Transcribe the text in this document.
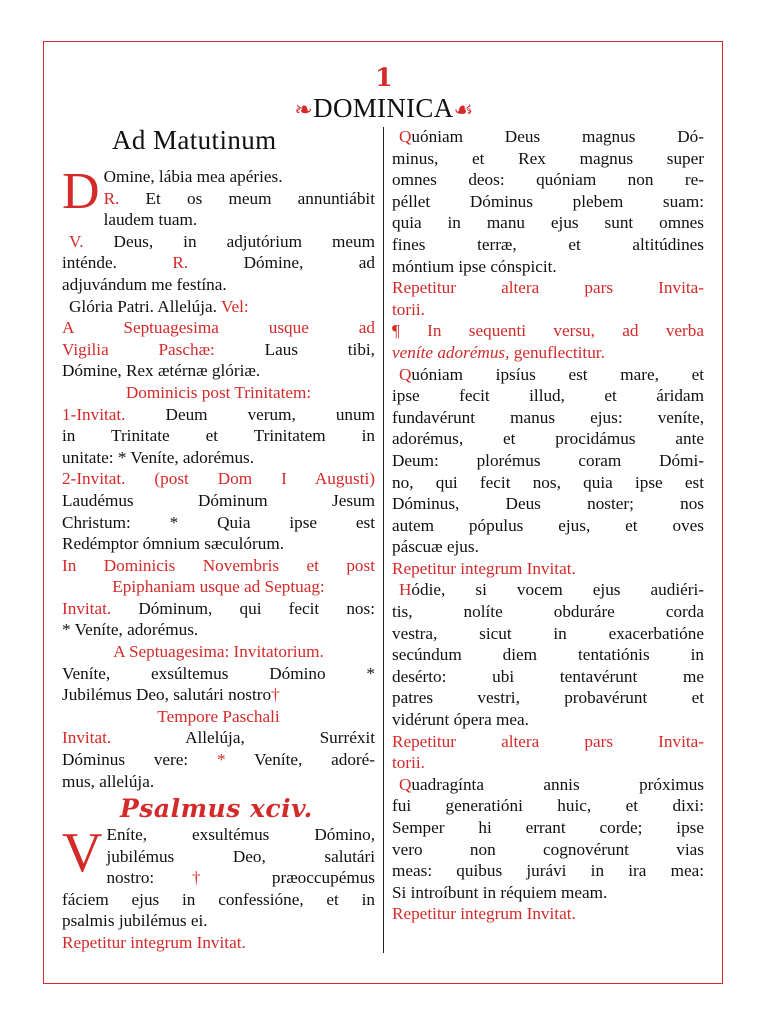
1
❧DOMINICA☙
Ad Matutinum
D Omine, lábia mea apéries.

R. Et os meum annuntiábit

laudem tuam.

V. Deus, in adjutórium meum

inténde.	R. Dómine, ad

adjuvándum me festína.

Glória Patri. Allelúja. Vel:

A Septuagesima usque ad

Vigilia Paschæ: Laus tibi,

Dómine, Rex ætérnæ glóriæ.

Dominicis post Trinitatem:

1-Invitat. Deum verum, unum

in Trinitate et Trinitatem in

unitate: * Veníte, adorémus.

2-Invitat. (post Dom I Augusti)

Laudémus Dóminum Jesum

Christum: * Quia ipse est

Redémptor ómnium sæculórum.

In Dominicis Novembris et post

Epiphaniam usque ad Septuag:

Invitat. Dóminum, qui fecit nos:

* Veníte, adorémus.

A Septuagesima: Invitatorium.

Veníte, exsúltemus Dómino *

Jubilémus Deo, salutári nostro†

Tempore Paschali

Invitat. Allelúja, Surréxit

Dóminus vere: * Veníte, adoré-

mus, allelúja.

Psalmus xciv.
V Eníte, exsultémus Dómino,

jubilémus Deo, salutári

nostro: † præoccupémus

fáciem ejus in confessióne, et in

psalmis jubilémus ei.

Repetitur integrum Invitat.

Quóniam Deus magnus Dó-

minus, et Rex magnus super

omnes deos: quóniam non re-

péllet Dóminus plebem suam:

quia in manu ejus sunt omnes

fines terræ, et altitúdines

móntium ipse cónspicit.

Repetitur altera pars Invita-

torii.

¶ In sequenti versu, ad verba

veníte adorémus, genuflectitur.

Quóniam ipsíus est mare, et

ipse fecit illud, et áridam

fundavérunt manus ejus: veníte,

adorémus, et procidámus ante

Deum: plorémus coram Dómi-

no, qui fecit nos, quia ipse est

Dóminus, Deus noster; nos

autem pópulus ejus, et oves

páscuæ ejus.

Repetitur integrum Invitat.

Hódie, si vocem ejus audiéri-

tis, nolíte obduráre corda

vestra, sicut in exacerbatióne

secúndum diem tentatiónis in

desérto: ubi tentavérunt me

patres vestri, probavérunt et

vidérunt ópera mea.

Repetitur altera pars Invita-

torii.

Quadragínta annis próximus

fui generatióni huic, et dixi:

Semper hi errant corde; ipse

vero non cognovérunt vias

meas: quibus jurávi in ira mea:

Si introíbunt in réquiem meam.

Repetitur integrum Invitat.
